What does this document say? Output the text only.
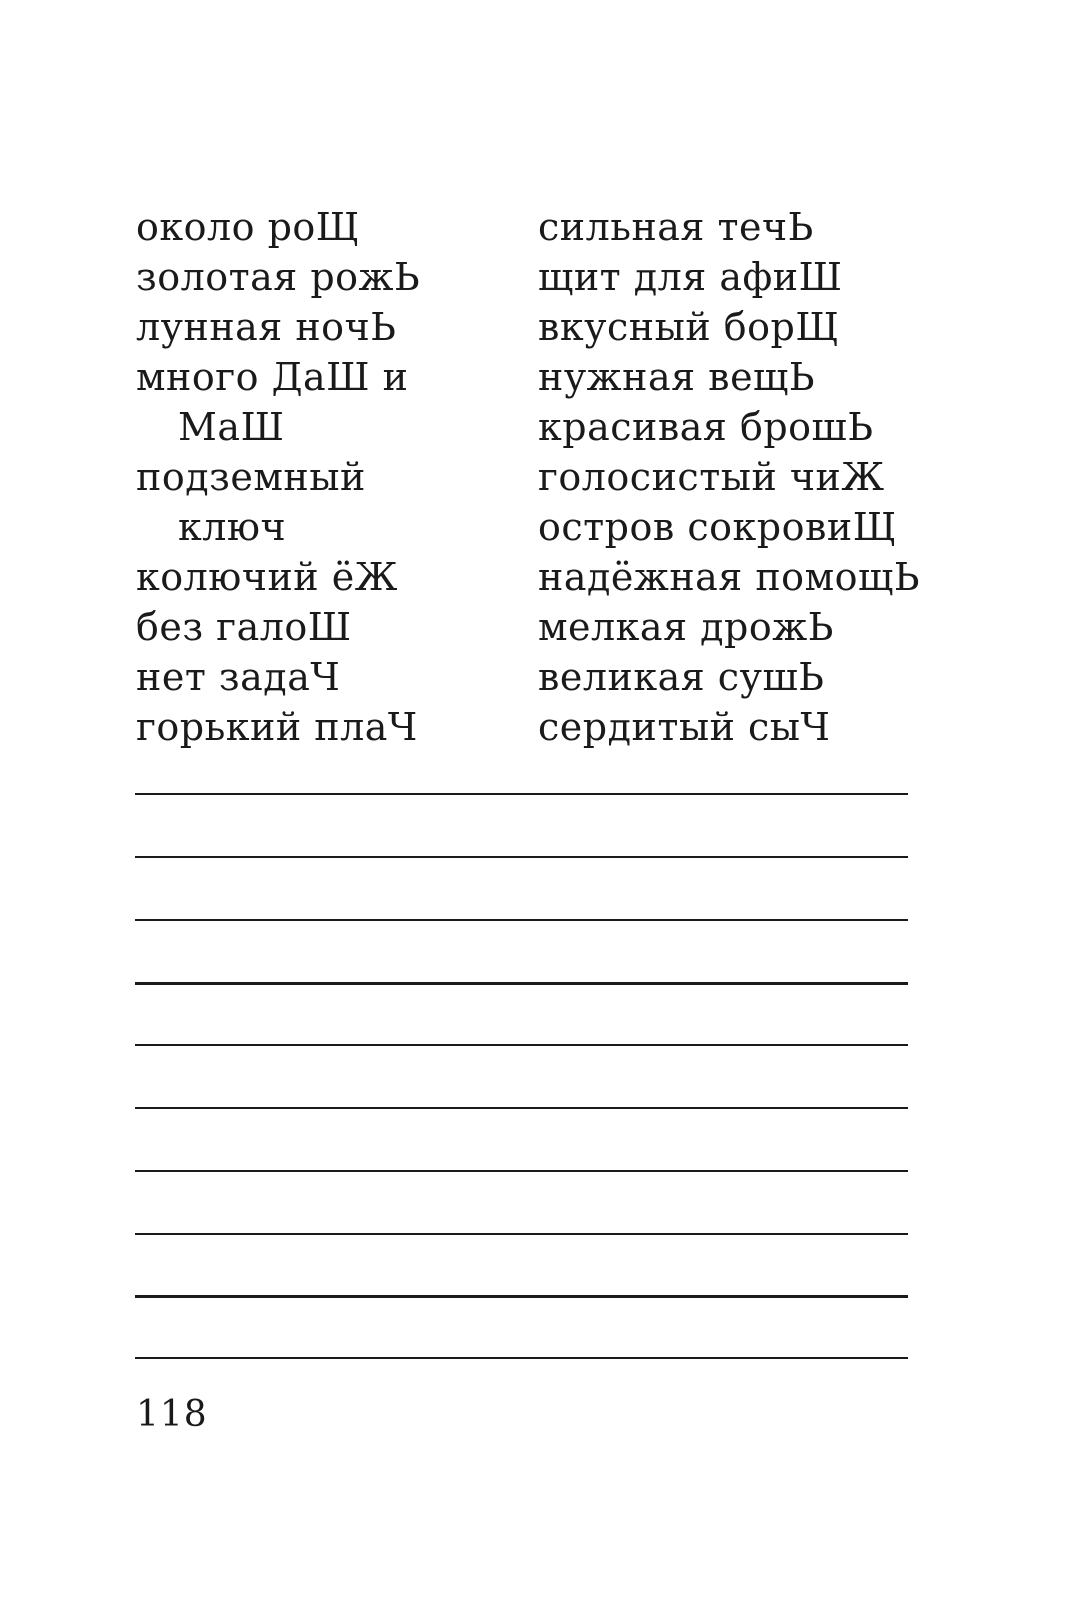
около роЩ
золотая рожЬ
лунная ночЬ
много ДаШ и
МаШ
подземный
ключ
колючий ёЖ
без галоШ
нет задаЧ
горький плаЧ
сильная течЬ
щит для афиШ
вкусный борЩ
нужная вещЬ
красивая брошЬ
голосистый чиЖ
остров сокровиЩ
надёжная помощЬ
мелкая дрожЬ
великая сушЬ
сердитый сыЧ
118
